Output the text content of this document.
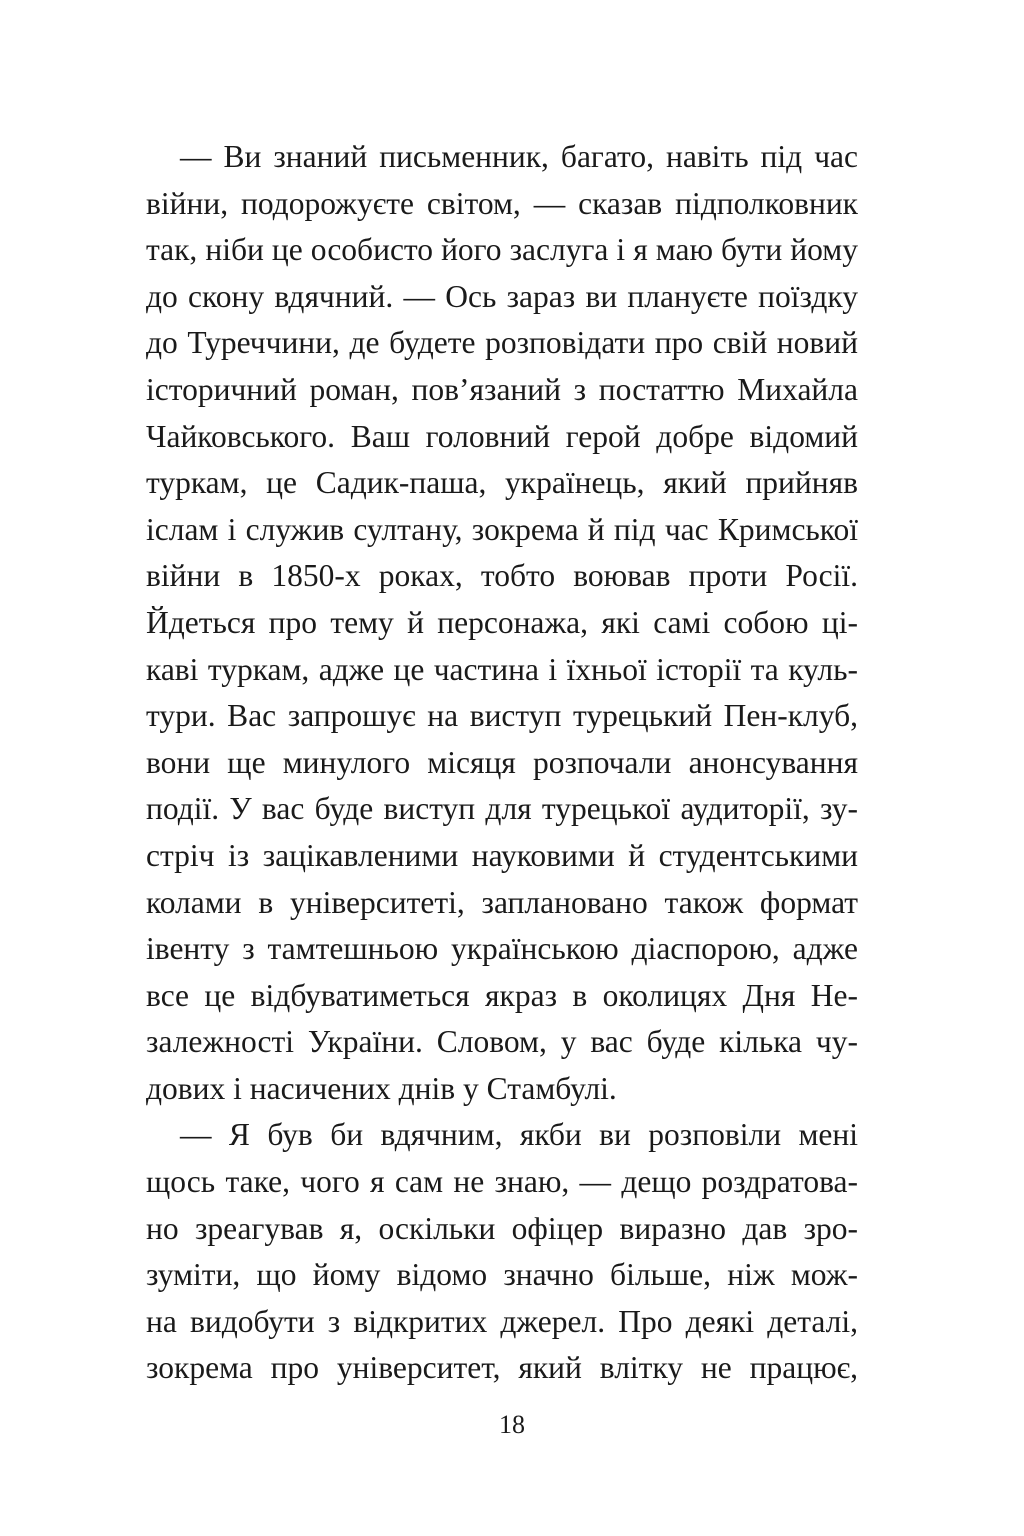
— Ви знаний письменник, багато, навіть під час
війни, подорожуєте світом, — сказав підполковник
так, ніби це особисто його заслуга і я маю бути йому
до скону вдячний. — Ось зараз ви плануєте поїздку
до Туреччини, де будете розповідати про свій новий
історичний роман, пов’язаний з постаттю Михайла
Чайковського. Ваш головний герой добре відомий
туркам, це Садик-паша, українець, який прийняв
іслам і служив султану, зокрема й під час Кримської
війни в 1850-х роках, тобто воював проти Росії.
Йдеться про тему й персонажа, які самі собою ці-
каві туркам, адже це частина і їхньої історії та куль-
тури. Вас запрошує на виступ турецький Пен-клуб,
вони ще минулого місяця розпочали анонсування
події. У вас буде виступ для турецької аудиторії, зу-
стріч із зацікавленими науковими й студентськими
колами в університеті, заплановано також формат
івенту з тамтешньою українською діаспорою, адже
все це відбуватиметься якраз в околицях Дня Не-
залежності України. Словом, у вас буде кілька чу-
дових і насичених днів у Стамбулі.
— Я був би вдячним, якби ви розповіли мені
щось таке, чого я сам не знаю, — дещо роздратова-
но зреагував я, оскільки офіцер виразно дав зро-
зуміти, що йому відомо значно більше, ніж мож-
на видобути з відкритих джерел. Про деякі деталі,
зокрема про університет, який влітку не працює,
18
